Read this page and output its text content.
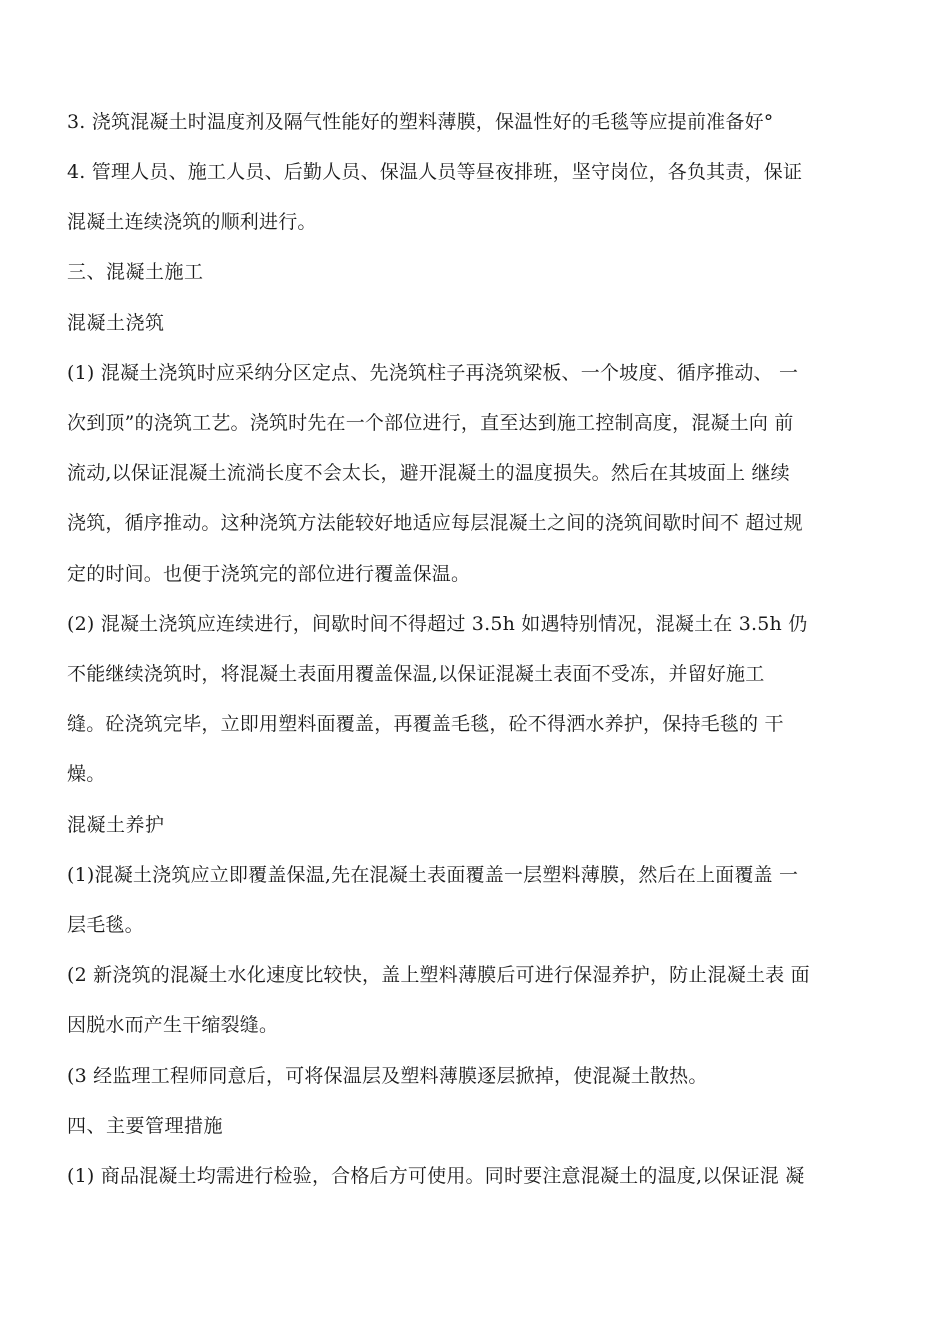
3. 浇筑混凝土时温度剂及隔气性能好的塑料薄膜，保温性好的毛毯等应提前准备好°
4. 管理人员、施工人员、后勤人员、保温人员等昼夜排班，坚守岗位，各负其责，保证
混凝土连续浇筑的顺利进行。
三、混凝土施工
混凝土浇筑
(1) 混凝土浇筑时应采纳分区定点、先浇筑柱子再浇筑梁板、一个坡度、循序推动、 一
次到顶”的浇筑工艺。浇筑时先在一个部位进行，直至达到施工控制高度，混凝土向 前
流动,以保证混凝土流淌长度不会太长，避开混凝土的温度损失。然后在其坡面上 继续
浇筑，循序推动。这种浇筑方法能较好地适应每层混凝土之间的浇筑间歇时间不 超过规
定的时间。也便于浇筑完的部位进行覆盖保温。
(2) 混凝土浇筑应连续进行，间歇时间不得超过 3.5h 如遇特别情况，混凝土在 3.5h 仍
不能继续浇筑时，将混凝土表面用覆盖保温,以保证混凝土表面不受冻，并留好施工
缝。砼浇筑完毕，立即用塑料面覆盖，再覆盖毛毯，砼不得洒水养护，保持毛毯的 干
燥。
混凝土养护
(1)混凝土浇筑应立即覆盖保温,先在混凝土表面覆盖一层塑料薄膜，然后在上面覆盖 一
层毛毯。
(2 新浇筑的混凝土水化速度比较快，盖上塑料薄膜后可进行保湿养护，防止混凝土表 面
因脱水而产生干缩裂缝。
(3 经监理工程师同意后，可将保温层及塑料薄膜逐层掀掉，使混凝土散热。
四、主要管理措施
(1) 商品混凝土均需进行检验，合格后方可使用。同时要注意混凝土的温度,以保证混 凝
